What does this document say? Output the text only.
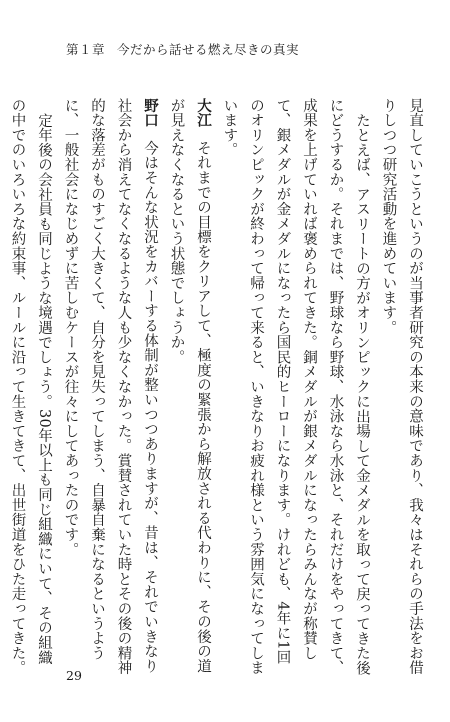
第１章 今だから話せる燃え尽きの真実

見直していこうというのが当事者研究の本来の意味であり、我々はそれらの手法をお借りしつつ研究活動を進めています。

たとえば、アスリートの方がオリンピックに出場して金メダルを取って戻ってきた後にどうするか。それまでは、野球なら野球、水泳なら水泳と、それだけをやってきて、成果を上げていれば褒められてきた。銅メダルが銀メダルになったらみんなが称賛して、銀メダルが金メダルになったら国民的ヒーローになります。けれども、4年に1回のオリンピックが終わって帰って来ると、いきなりお疲れ様という雰囲気になってしまいます。

大江それまでの目標をクリアして、極度の緊張から解放される代わりに、その後の道が見えなくなるという状態でしょうか。

野口今はそんな状況をカバーする体制が整いつつありますが、昔は、それでいきなり社会から消えてなくなるような人も少なくなかった。賞賛されていた時とその後の精神的な落差がものすごく大きくて、自分を見失ってしまう、自暴自棄になるというように、一般社会になじめずに苦しむケースが往々にしてあったのです。

定年後の会社員も同じような境遇でしょう。30年以上も同じ組織にいて、その組織の中でのいろいろな約束事、ルールに沿って生きてきて、出世街道をひた走ってきた。

29
